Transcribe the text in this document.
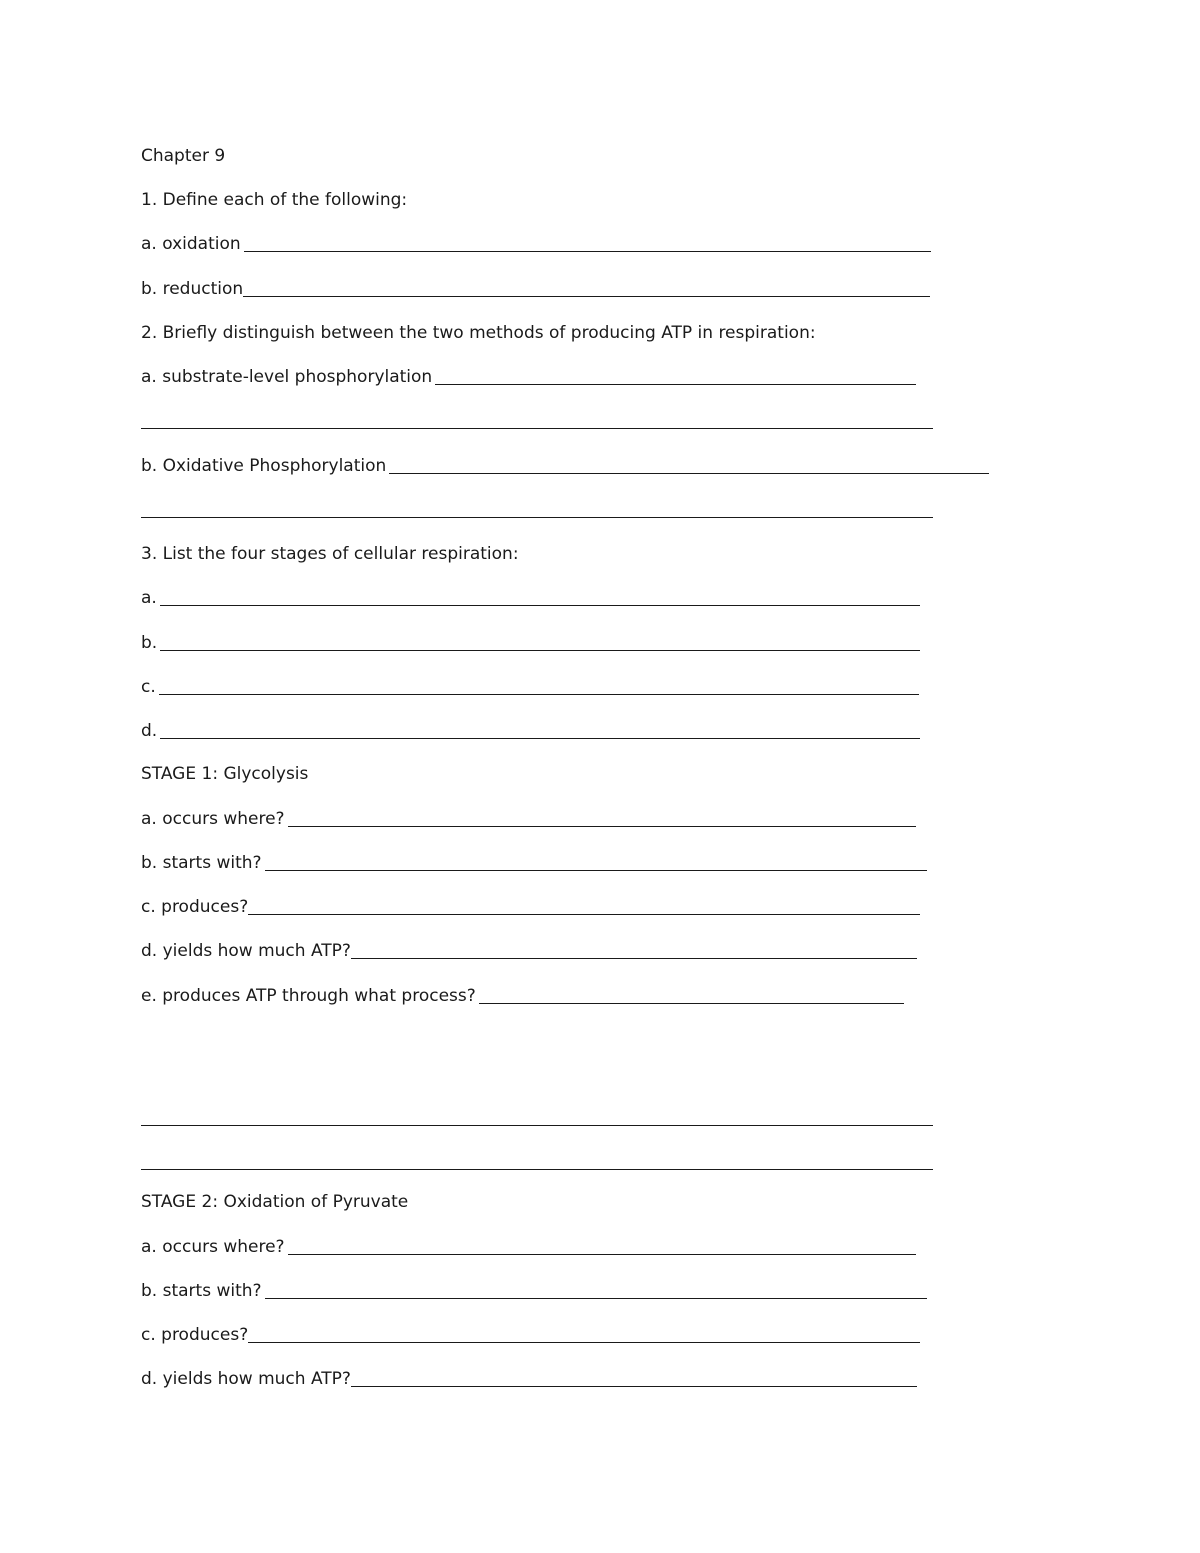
Chapter 9
1. Define each of the following:
a. oxidation
b. reduction
2. Briefly distinguish between the two methods of producing ATP in respiration:
a. substrate-level phosphorylation
b. Oxidative Phosphorylation
3. List the four stages of cellular respiration:
a.
b.
c.
d.
STAGE 1: Glycolysis
a. occurs where?
b. starts with?
c. produces?
d. yields how much ATP?
e. produces ATP through what process?
STAGE 2: Oxidation of Pyruvate
a. occurs where?
b. starts with?
c. produces?
d. yields how much ATP?
